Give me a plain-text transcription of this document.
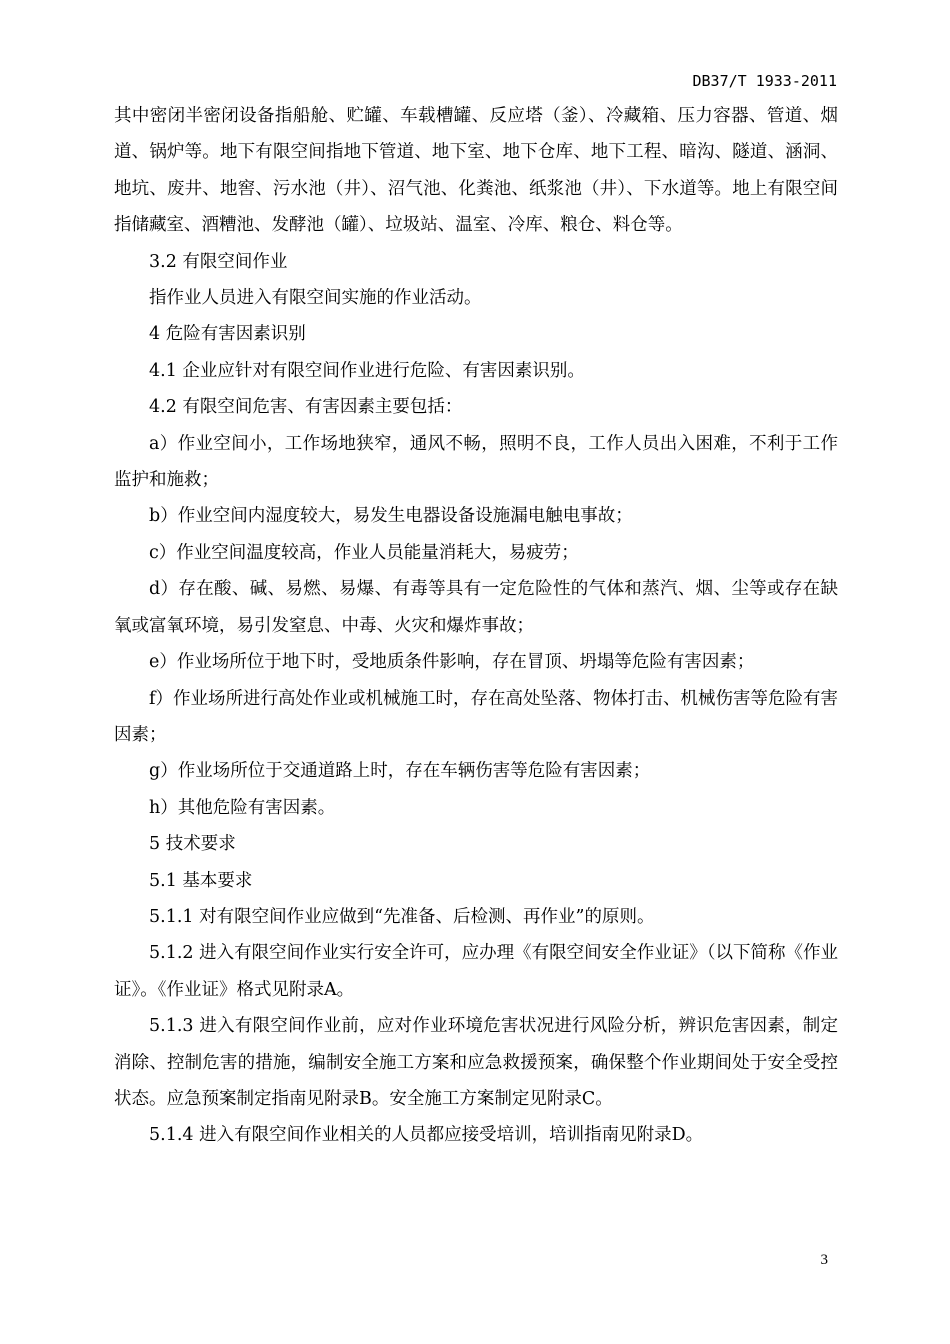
DB37/T 1933-2011

其中密闭半密闭设备指船舱、贮罐、车载槽罐、反应塔（釜）、冷藏箱、压力容器、管道、烟道、锅炉等。地下有限空间指地下管道、地下室、地下仓库、地下工程、暗沟、隧道、涵洞、地坑、废井、地窖、污水池（井）、沼气池、化粪池、纸浆池（井）、下水道等。地上有限空间指储藏室、酒糟池、发酵池（罐）、垃圾站、温室、冷库、粮仓、料仓等。

3.2 有限空间作业

指作业人员进入有限空间实施的作业活动。

4 危险有害因素识别

4.1 企业应针对有限空间作业进行危险、有害因素识别。

4.2 有限空间危害、有害因素主要包括：

a）作业空间小，工作场地狭窄，通风不畅，照明不良，工作人员出入困难，不利于工作监护和施救；

b）作业空间内湿度较大，易发生电器设备设施漏电触电事故；

c）作业空间温度较高，作业人员能量消耗大，易疲劳；

d）存在酸、碱、易燃、易爆、有毒等具有一定危险性的气体和蒸汽、烟、尘等或存在缺氧或富氧环境，易引发窒息、中毒、火灾和爆炸事故；

e）作业场所位于地下时，受地质条件影响，存在冒顶、坍塌等危险有害因素；

f）作业场所进行高处作业或机械施工时，存在高处坠落、物体打击、机械伤害等危险有害因素；

g）作业场所位于交通道路上时，存在车辆伤害等危险有害因素；

h）其他危险有害因素。

5 技术要求

5.1 基本要求

5.1.1 对有限空间作业应做到“先准备、后检测、再作业”的原则。

5.1.2 进入有限空间作业实行安全许可，应办理《有限空间安全作业证》（以下简称《作业证》。《作业证》格式见附录A。

5.1.3 进入有限空间作业前，应对作业环境危害状况进行风险分析，辨识危害因素，制定消除、控制危害的措施，编制安全施工方案和应急救援预案，确保整个作业期间处于安全受控状态。应急预案制定指南见附录B。安全施工方案制定见附录C。

5.1.4 进入有限空间作业相关的人员都应接受培训，培训指南见附录D。

3
